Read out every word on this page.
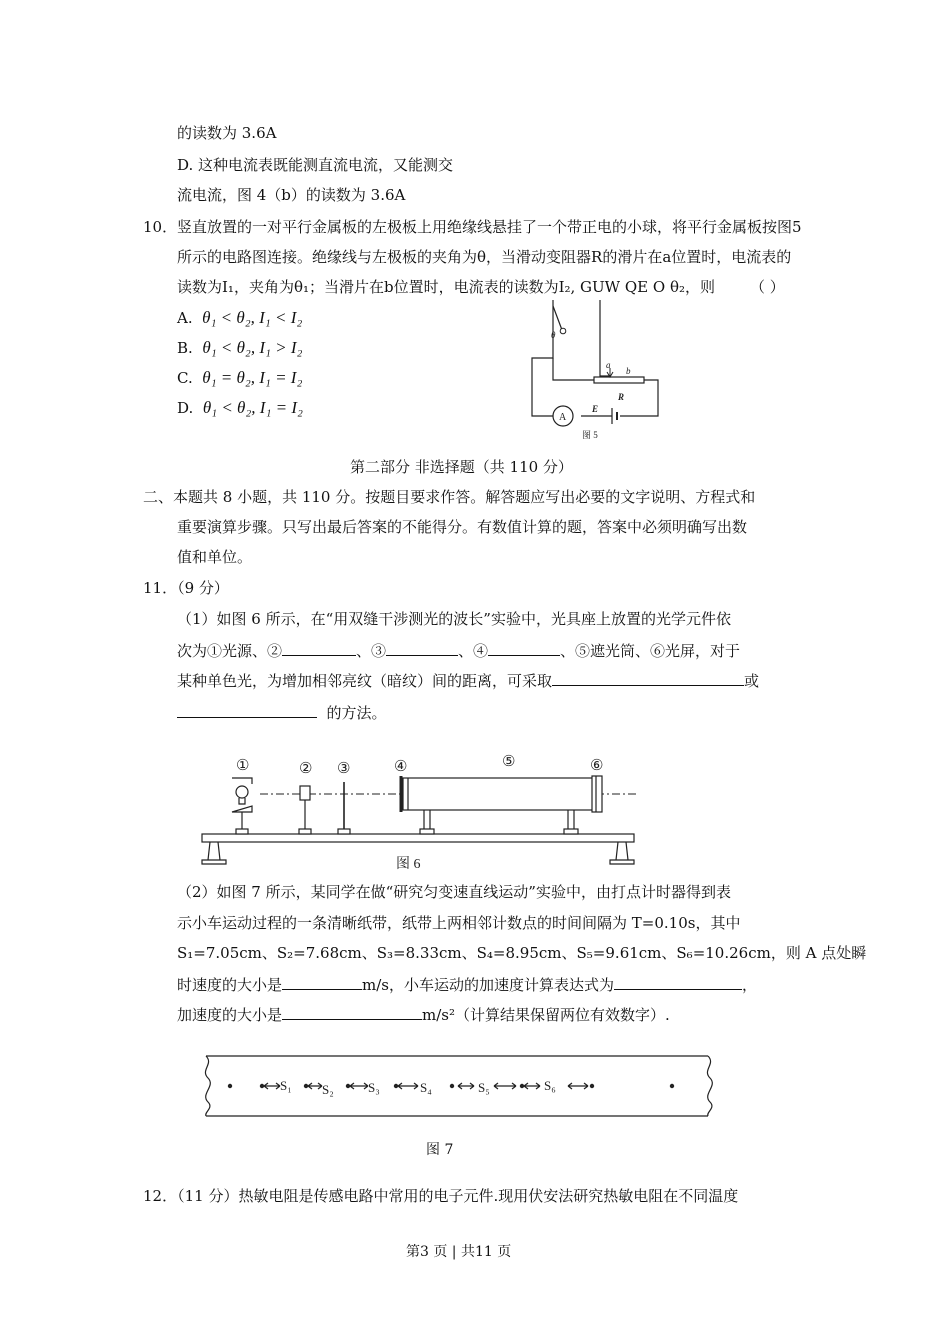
的读数为 3.6A
D. 这种电流表既能测直流电流，又能测交
流电流，图 4（b）的读数为 3.6A
10． 竖直放置的一对平行金属板的左极板上用绝缘线悬挂了一个带正电的小球，将平行金属板按图5
所示的电路图连接。绝缘线与左极板的夹角为θ，当滑动变阻器R的滑片在a位置时，电流表的
读数为I₁，夹角为θ₁；当滑片在b位置时，电流表的读数为I₂, GUW QE O θ₂，则 （ ）
A. θ₁ < θ₂, I₁ < I₂
B. θ₁ < θ₂, I₁ > I₂
C. θ₁ = θ₂, I₁ = I₂
D. θ₁ < θ₂, I₁ = I₂
θ
a
b
R
A
E
图 5
第二部分 非选择题（共 110 分）
二、本题共 8 小题，共 110 分。按题目要求作答。解答题应写出必要的文字说明、方程式和
重要演算步骤。只写出最后答案的不能得分。有数值计算的题，答案中必须明确写出数
值和单位。
11．（9 分）
（1）如图 6 所示，在“用双缝干涉测光的波长”实验中，光具座上放置的光学元件依
次为①光源、②	、③	、④	、⑤遮光筒、⑥光屏，对于
某种单色光，为增加相邻亮纹（暗纹）间的距离，可采取	或
的方法。
①	② ③	④	⑤	⑥
图 6
（2）如图 7 所示，某同学在做“研究匀变速直线运动”实验中，由打点计时器得到表
示小车运动过程的一条清晰纸带，纸带上两相邻计数点的时间间隔为 T=0.10s，其中
S₁=7.05cm、S₂=7.68cm、S₃=8.33cm、S₄=8.95cm、S₅=9.61cm、S₆=10.26cm，则 A 点处瞬
时速度的大小是	m/s，小车运动的加速度计算表达式为	，
加速度的大小是	m/s²（计算结果保留两位有效数字）.
S₁ S₂	S₃	S₄	S₅	S₆
图 7
12．（11 分）热敏电阻是传感电路中常用的电子元件.现用伏安法研究热敏电阻在不同温度
第3 页 | 共11 页
